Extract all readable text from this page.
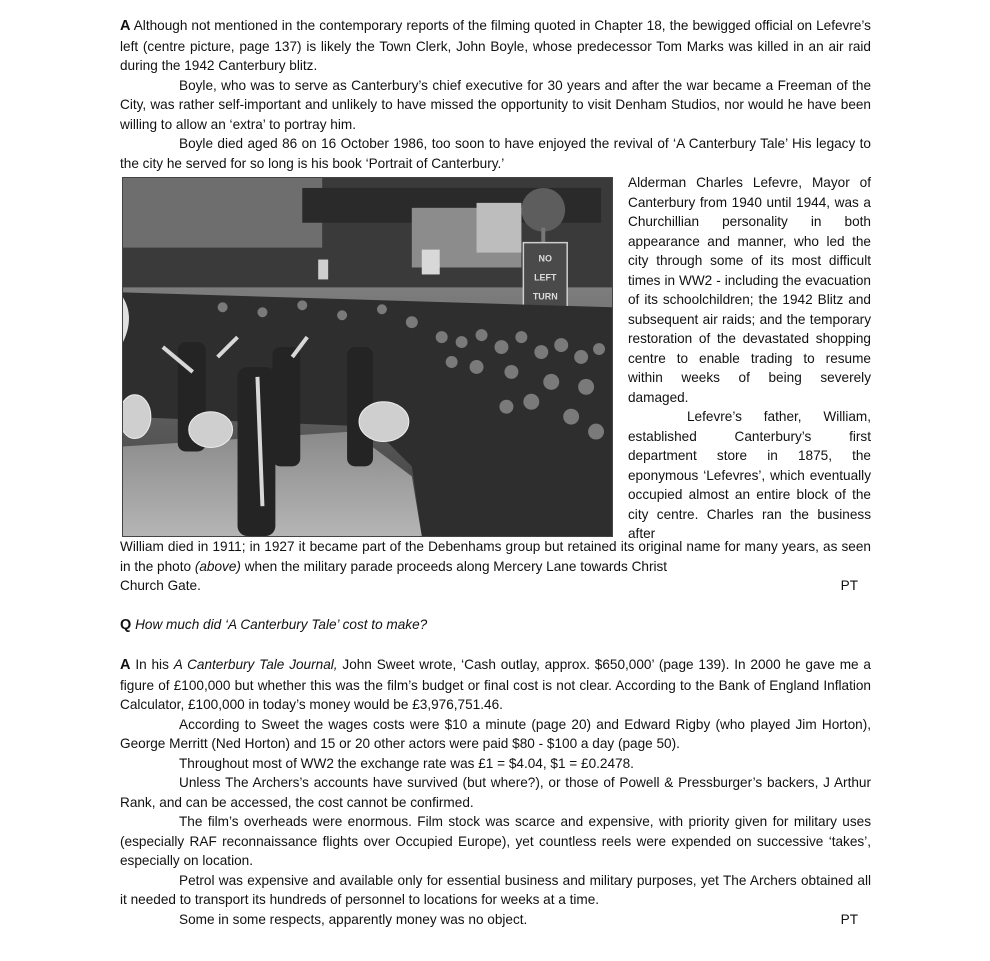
A Although not mentioned in the contemporary reports of the filming quoted in Chapter 18, the bewigged official on Lefevre’s left (centre picture, page 137) is likely the Town Clerk, John Boyle, whose predecessor Tom Marks was killed in an air raid during the 1942 Canterbury blitz.

Boyle, who was to serve as Canterbury’s chief executive for 30 years and after the war became a Freeman of the City, was rather self-important and unlikely to have missed the opportunity to visit Denham Studios, nor would he have been willing to allow an ‘extra’ to portray him.

Boyle died aged 86 on 16 October 1986, too soon to have enjoyed the revival of ‘A Canterbury Tale’ His legacy to the city he served for so long is his book ‘Portrait of Canterbury.’

NO
LEFT
TURN

Alderman Charles Lefevre, Mayor of Canterbury from 1940 until 1944, was a Churchillian personality in both appearance and manner, who led the city through some of its most difficult times in WW2 - including the evacuation of its schoolchildren; the 1942 Blitz and subsequent air raids; and the temporary restoration of the devastated shopping centre to enable trading to resume within weeks of being severely damaged.

Lefevre’s father, William, established Canterbury’s first department store in 1875, the eponymous ‘Lefevres’, which eventually occupied almost an entire block of the city centre. Charles ran the business after

William died in 1911; in 1927 it became part of the Debenhams group but retained its original name for many years, as seen in the photo (above) when the military parade proceeds along Mercery Lane towards Christ

Church Gate.	PT

Q How much did ‘A Canterbury Tale’ cost to make?

A In his A Canterbury Tale Journal, John Sweet wrote, ‘Cash outlay, approx. $650,000’ (page 139). In 2000 he gave me a figure of £100,000 but whether this was the film’s budget or final cost is not clear. According to the Bank of England Inflation Calculator, £100,000 in today’s money would be £3,976,751.46.

According to Sweet the wages costs were $10 a minute (page 20) and Edward Rigby (who played Jim Horton), George Merritt (Ned Horton) and 15 or 20 other actors were paid $80 - $100 a day (page 50).

Throughout most of WW2 the exchange rate was £1 = $4.04, $1 = £0.2478.

Unless The Archers’s accounts have survived (but where?), or those of Powell & Pressburger’s backers, J Arthur Rank, and can be accessed, the cost cannot be confirmed.

The film’s overheads were enormous. Film stock was scarce and expensive, with priority given for military uses (especially RAF reconnaissance flights over Occupied Europe), yet countless reels were expended on successive ‘takes’, especially on location.

Petrol was expensive and available only for essential business and military purposes, yet The Archers obtained all it needed to transport its hundreds of personnel to locations for weeks at a time.

Some in some respects, apparently money was no object.	PT
